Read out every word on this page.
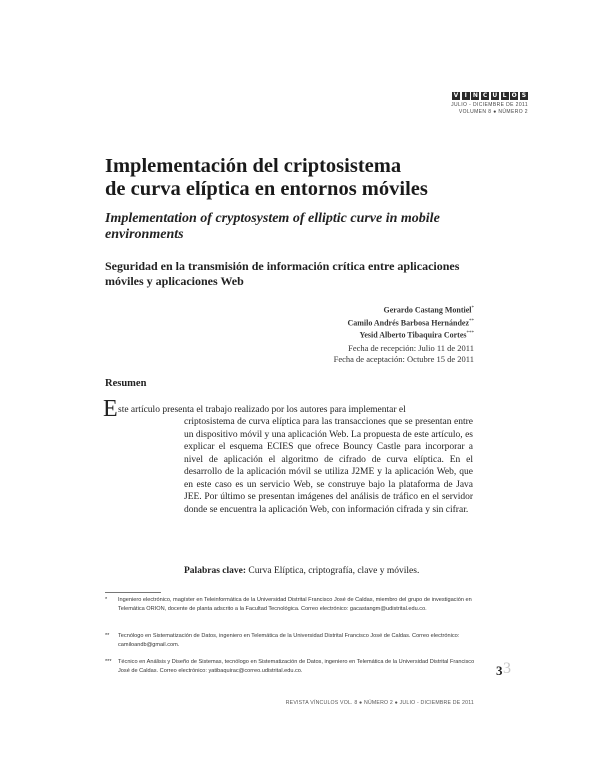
V	Í	N C U L O S
JULIO - DICIEMBRE DE 2011
VOLUMEN 8 ● NÚMERO 2
Implementación del criptosistema
de curva elíptica en entornos móviles
Implementation of cryptosystem of elliptic curve in mobile environments
Seguridad en la transmisión de información crítica entre aplicaciones móviles y aplicaciones Web
Gerardo Castang Montiel*
Camilo Andrés Barbosa Hernández**
Yesid Alberto Tibaquira Cortes***
Fecha de recepción: Julio 11 de 2011
Fecha de aceptación: Octubre 15 de 2011
Resumen
E ste artículo presenta el trabajo realizado por los autores para implementar el
criptosistema de curva elíptica para las transacciones que se presentan entre un dispositivo móvil y una aplicación Web. La propuesta de este artículo, es explicar el esquema ECIES que ofrece Bouncy Castle para incorporar a nivel de aplicación el algoritmo de cifrado de curva elíptica. En el desarrollo de la aplicación móvil se utiliza J2ME y la aplicación Web, que en este caso es un servicio Web, se construye bajo la plataforma de Java JEE. Por último se presentan imágenes del análisis de tráfico en el servidor donde se encuentra la aplicación Web, con información cifrada y sin cifrar.
Palabras clave: Curva Elíptica, criptografía, clave y móviles.
*	Ingeniero electrónico, magíster en Teleinformática de la Universidad Distrital Francisco José de Caldas, miembro del grupo de investigación en Telemática ORION, docente de planta adscrito a la Facultad Tecnológica. Correo electrónico: gacastangm@udistrital.edu.co.
**	Tecnólogo en Sistematización de Datos, ingeniero en Telemática de la Universidad Distrital Francisco José de Caldas. Correo electrónico: camiloandb@gmail.com.
***	Técnico en Análisis y Diseño de Sistemas, tecnólogo en Sistematización de Datos, ingeniero en Telemática de la Universidad Distrital Francisco José de Caldas. Correo electrónico: yatibaquirac@correo.udistrital.edu.co.	3
3
REVISTA VÍNCULOS VOL. 8 ● NÚMERO 2 ● JULIO - DICIEMBRE DE 2011
